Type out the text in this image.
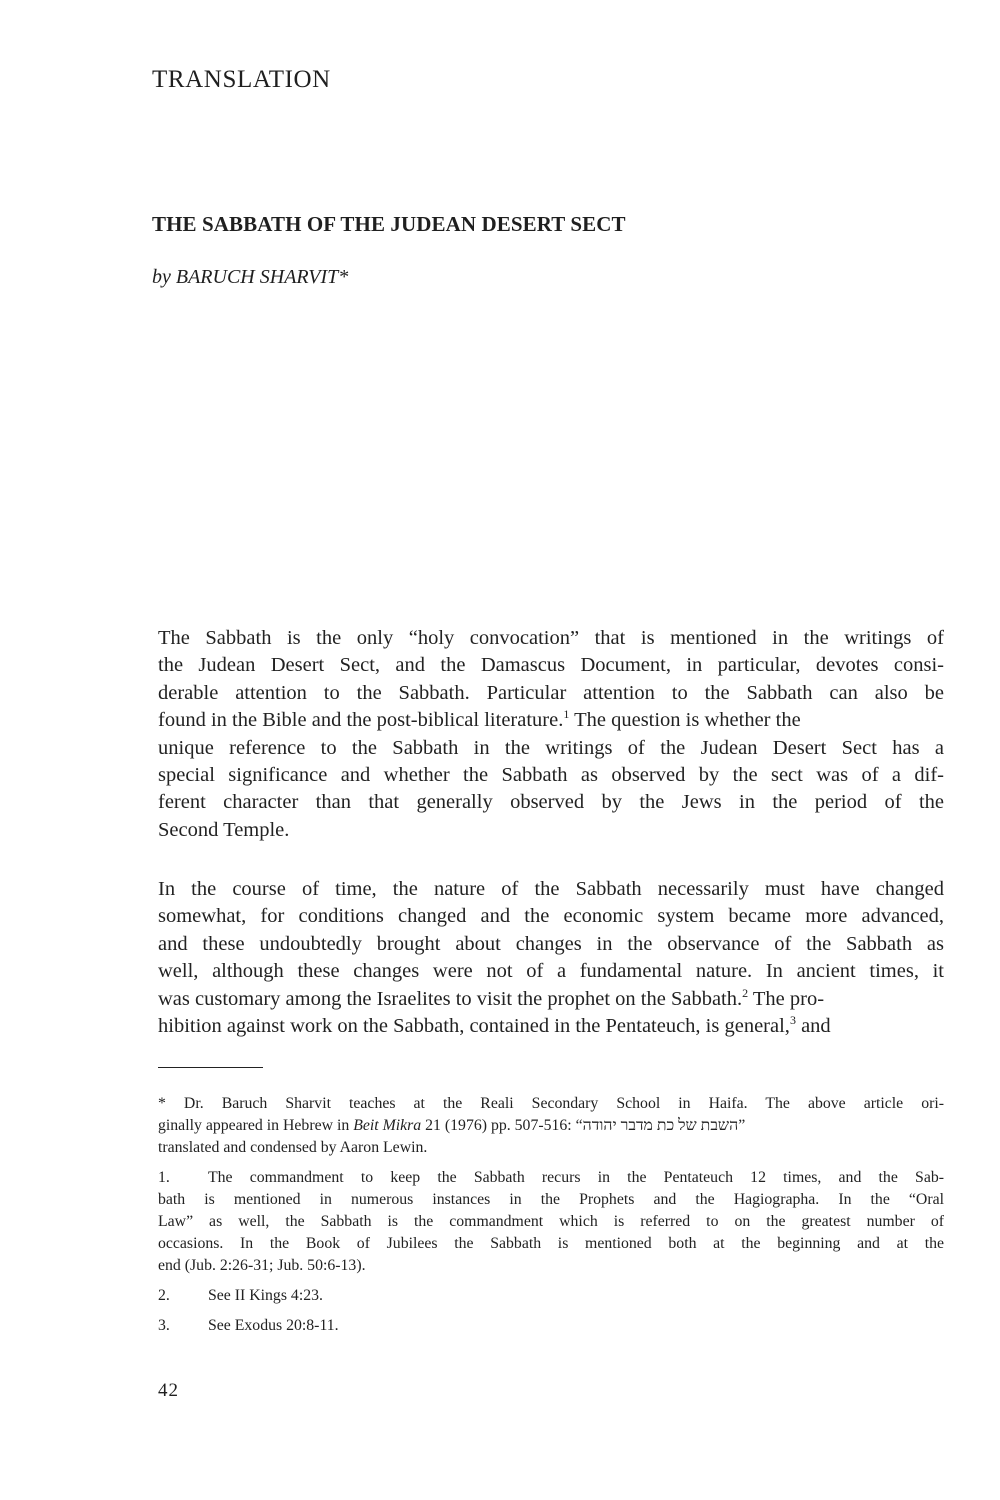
TRANSLATION
THE SABBATH OF THE JUDEAN DESERT SECT

by BARUCH SHARVIT*

The Sabbath is the only “holy convocation” that is mentioned in the writings of
the Judean Desert Sect, and the Damascus Document, in particular, devotes consi-
derable attention to the Sabbath. Particular attention to the Sabbath can also be
found in the Bible and the post-biblical literature.$^1$ The question is whether the
unique reference to the Sabbath in the writings of the Judean Desert Sect has a
special significance and whether the Sabbath as observed by the sect was of a dif-
ferent character than that generally observed by the Jews in the period of the
Second Temple.
In the course of time, the nature of the Sabbath necessarily must have changed
somewhat, for conditions changed and the economic system became more advanced,
and these undoubtedly brought about changes in the observance of the Sabbath as
well, although these changes were not of a fundamental nature. In ancient times, it
was customary among the Israelites to visit the prophet on the Sabbath.$^2$ The pro-
hibition against work on the Sabbath, contained in the Pentateuch, is general,$^3$ and
* Dr. Baruch Sharvit teaches at the Reali Secondary School in Haifa. The above article ori-
ginally appeared in Hebrew in Beit Mikra 21 (1976) pp. 507-516: “השבת של כת מדבר יהודה”
translated and condensed by Aaron Lewin.
1. The commandment to keep the Sabbath recurs in the Pentateuch 12 times, and the Sab-
bath is mentioned in numerous instances in the Prophets and the Hagiographa. In the “Oral
Law” as well, the Sabbath is the commandment which is referred to on the greatest number of
occasions. In the Book of Jubilees the Sabbath is mentioned both at the beginning and at the
end (Jub. 2:26-31; Jub. 50:6-13).
2. See II Kings 4:23.
3. See Exodus 20:8-11.

42
